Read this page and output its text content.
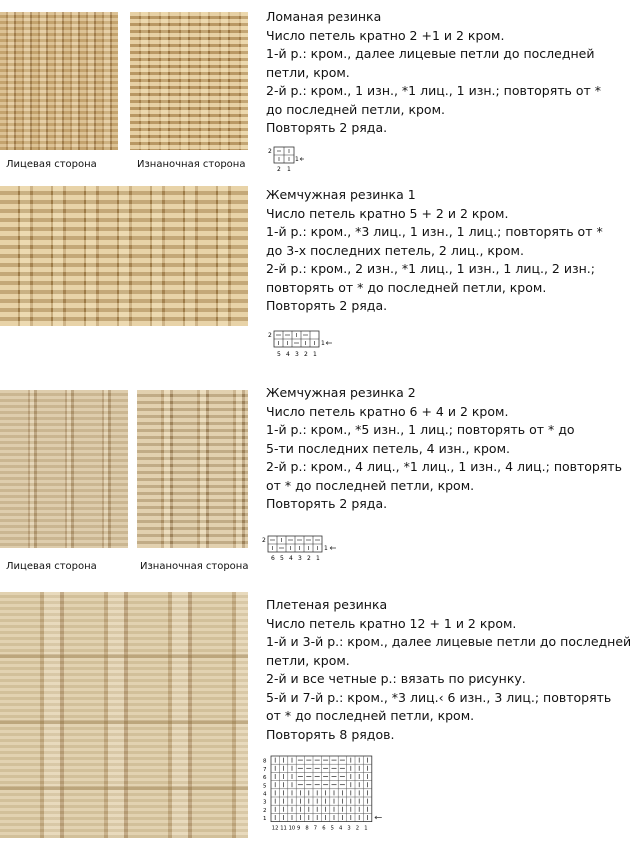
Лицевая сторона	Изнаночная сторона
Ломаная резинка
Число петель кратно 2 +1 и 2 кром.
1-й р.: кром., далее лицевые петли до последней
петли, кром.
2-й р.: кром., 1 изн., *1 лиц., 1 изн.; повторять от *
до последней петли, кром.
Повторять 2 ряда.
2
1
2 1
Жемчужная резинка 1
Число петель кратно 5 + 2 и 2 кром.
1-й р.: кром., *3 лиц., 1 изн., 1 лиц.; повторять от *
до 3-х последних петель, 2 лиц., кром.
2-й р.: кром., 2 изн., *1 лиц., 1 изн., 1 лиц., 2 изн.;
повторять от * до последней петли, кром.
Повторять 2 ряда.
2
1
5 4 3 2 1
Лицевая сторона	Изнаночная сторона
Жемчужная резинка 2
Число петель кратно 6 + 4 и 2 кром.
1-й р.: кром., *5 изн., 1 лиц.; повторять от * до
5-ти последних петель, 4 изн., кром.
2-й р.: кром., 4 лиц., *1 лиц., 1 изн., 4 лиц.; повторять
от * до последней петли, кром.
Повторять 2 ряда.
2
1
6 5 4 3 2 1
Плетеная резинка
Число петель кратно 12 + 1 и 2 кром.
1-й и 3-й р.: кром., далее лицевые петли до последней
петли, кром.
2-й и все четные р.: вязать по рисунку.
5-й и 7-й р.: кром., *3 лиц.‹ 6 изн., 3 лиц.; повторять
от * до последней петли, кром.
Повторять 8 рядов.
8
7
6
5
4
3
2
1
12 11 10 9 8 7 6 5 4 3 2 1
